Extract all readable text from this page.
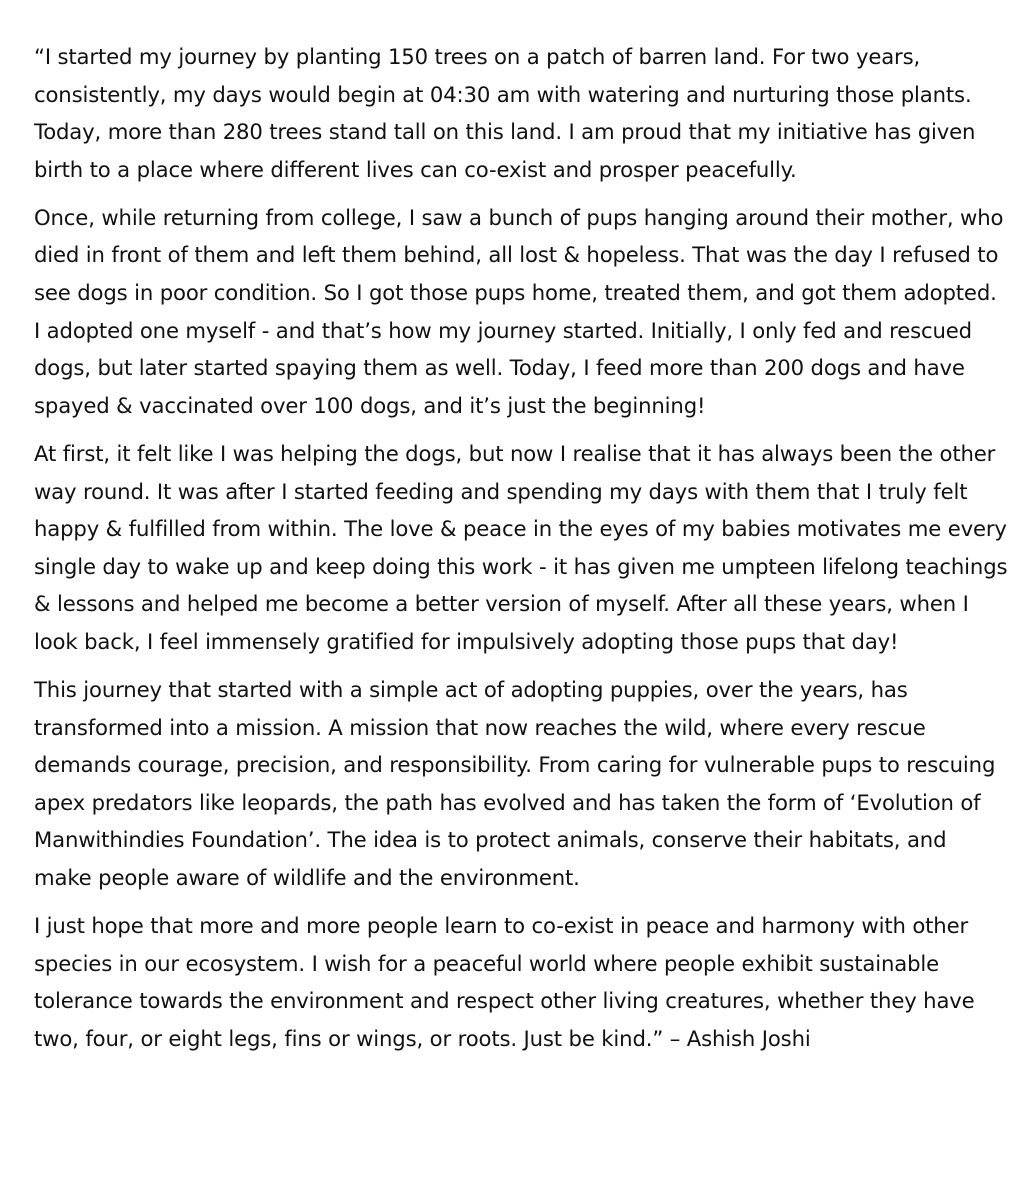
“I started my journey by planting 150 trees on a patch of barren land. For two years, consistently, my days would begin at 04:30 am with watering and nurturing those plants. Today, more than 280 trees stand tall on this land. I am proud that my initiative has given birth to a place where different lives can co-exist and prosper peacefully.

Once, while returning from college, I saw a bunch of pups hanging around their mother, who died in front of them and left them behind, all lost & hopeless. That was the day I refused to see dogs in poor condition. So I got those pups home, treated them, and got them adopted. I adopted one myself - and that’s how my journey started. Initially, I only fed and rescued dogs, but later started spaying them as well. Today, I feed more than 200 dogs and have spayed & vaccinated over 100 dogs, and it’s just the beginning!

At first, it felt like I was helping the dogs, but now I realise that it has always been the other way round. It was after I started feeding and spending my days with them that I truly felt happy & fulfilled from within. The love & peace in the eyes of my babies motivates me every single day to wake up and keep doing this work - it has given me umpteen lifelong teachings & lessons and helped me become a better version of myself. After all these years, when I look back, I feel immensely gratified for impulsively adopting those pups that day!

This journey that started with a simple act of adopting puppies, over the years, has transformed into a mission. A mission that now reaches the wild, where every rescue demands courage, precision, and responsibility. From caring for vulnerable pups to rescuing apex predators like leopards, the path has evolved and has taken the form of ‘Evolution of Manwithindies Foundation’. The idea is to protect animals, conserve their habitats, and make people aware of wildlife and the environment.

I just hope that more and more people learn to co-exist in peace and harmony with other species in our ecosystem. I wish for a peaceful world where people exhibit sustainable tolerance towards the environment and respect other living creatures, whether they have two, four, or eight legs, fins or wings, or roots. Just be kind.” – Ashish Joshi
